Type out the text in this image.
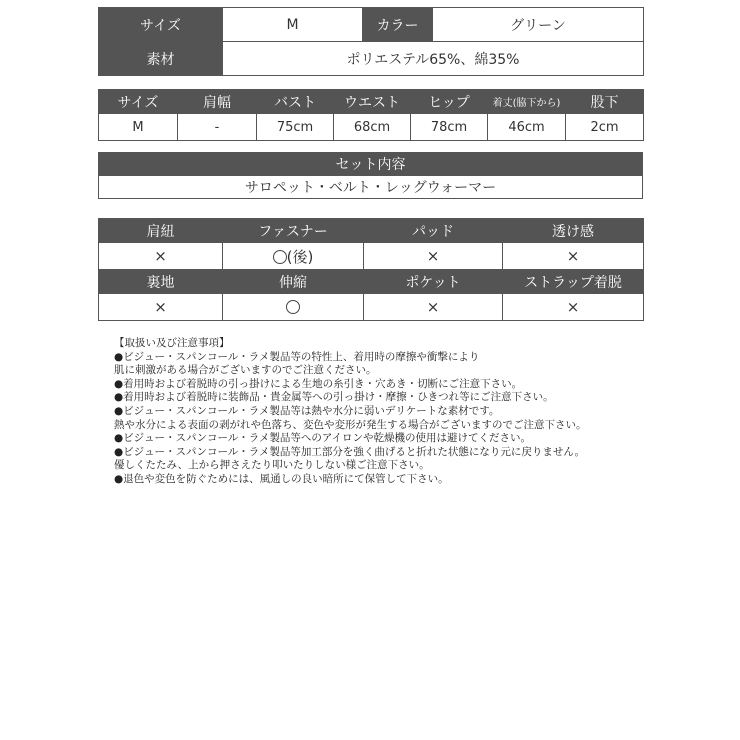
サイズ	M	カラー	グリーン
素材	ポリエステル65%、綿35%		
サイズ	肩幅	バスト	ウエスト	ヒップ	着丈(脇下から)	股下
M	-	75cm	68cm	78cm	46cm	2cm
セット内容
サロペット・ベルト・レッグウォーマー
肩紐	ファスナー	パッド	透け感
×	(後)	×	×
裏地	伸縮	ポケット	ストラップ着脱
×		×	×
【取扱い及び注意事項】
●ビジュー・スパンコール・ラメ製品等の特性上、着用時の摩擦や衝撃により
肌に刺激がある場合がございますのでご注意ください。
●着用時および着脱時の引っ掛けによる生地の糸引き・穴あき・切断にご注意下さい。
●着用時および着脱時に装飾品・貴金属等への引っ掛け・摩擦・ひきつれ等にご注意下さい。
●ビジュー・スパンコール・ラメ製品等は熱や水分に弱いデリケートな素材です。
熱や水分による表面の剥がれや色落ち、変色や変形が発生する場合がございますのでご注意下さい。
●ビジュー・スパンコール・ラメ製品等へのアイロンや乾燥機の使用は避けてください。
●ビジュー・スパンコール・ラメ製品等加工部分を強く曲げると折れた状態になり元に戻りません。
優しくたたみ、上から押さえたり叩いたりしない様ご注意下さい。
●退色や変色を防ぐためには、風通しの良い暗所にて保管して下さい。
